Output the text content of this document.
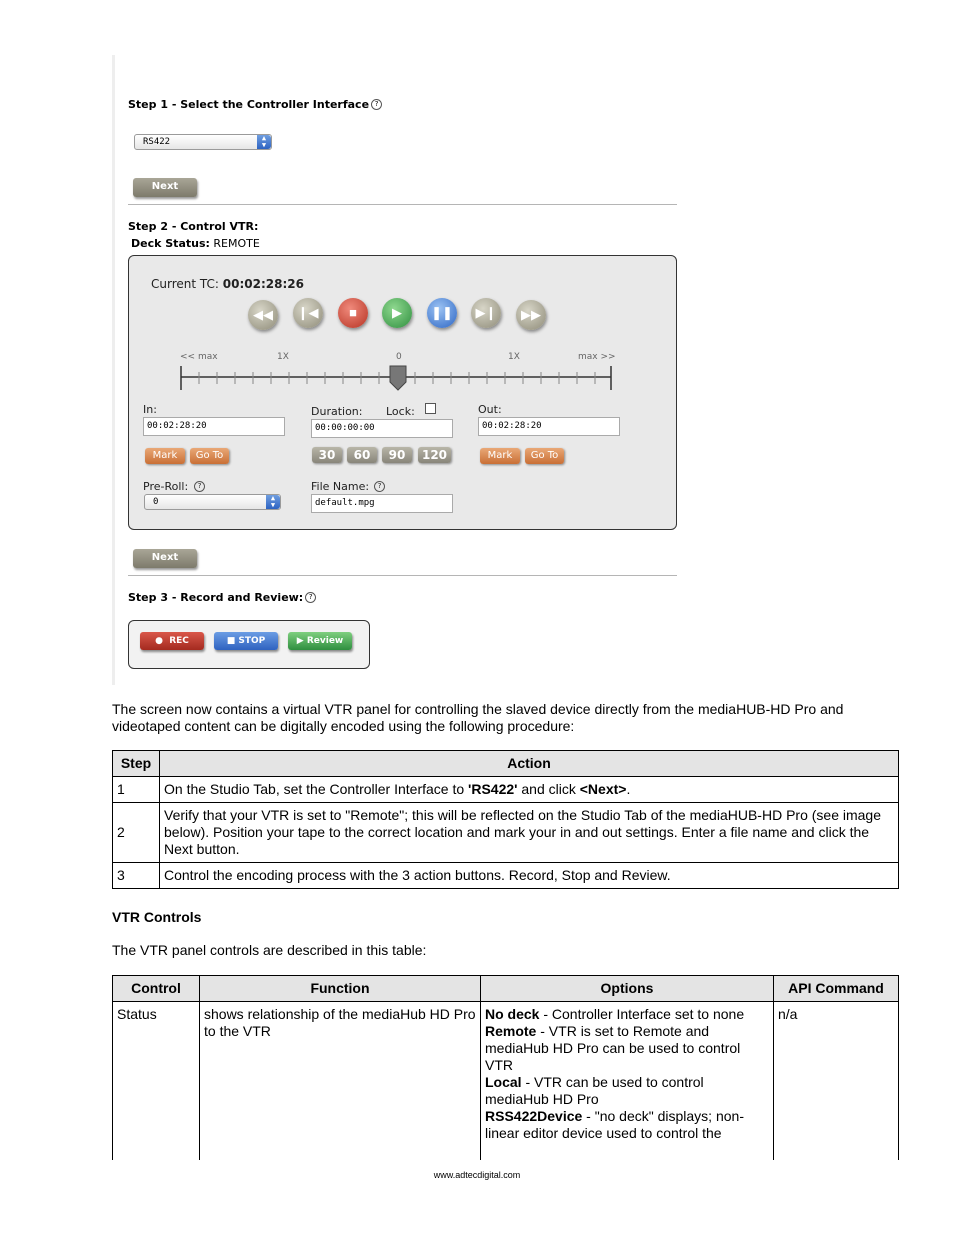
Step 1 - Select the Controller Interface ?
RS422	▲
▼
Next
Step 2 - Control VTR:
Deck Status: REMOTE
Current TC: 00:02:28:26
◀◀	❙◀	■	▶	❚❚	▶❙	▶▶
<< max	1X	0	1X	max >>
In:
00:02:28:20
Duration: Lock:
00:00:00:00
Out:
00:02:28:20
Mark	Go To	30	60	90	120	Mark	Go To
Pre-Roll: ?
0	▲
▼
File Name: ?
default.mpg
Next
Step 3 - Record and Review: ?
● REC	■ STOP	▶ Review
The screen now contains a virtual VTR panel for controlling the slaved device directly from the mediaHUB-HD Pro and videotaped content can be digitally encoded using the following procedure:
Step	Action
1	On the Studio Tab, set the Controller Interface to 'RS422' and click <Next>.
2	Verify that your VTR is set to "Remote"; this will be reflected on the Studio Tab of the mediaHUB-HD Pro (see image below). Position your tape to the correct location and mark your in and out settings. Enter a file name and click the Next button.
3	Control the encoding process with the 3 action buttons. Record, Stop and Review.
VTR Controls
The VTR panel controls are described in this table:
Control	Function	Options	API Command
Status	shows relationship of the mediaHub HD Pro to the VTR	No deck - Controller Interface set to none
Remote - VTR is set to Remote and mediaHub HD Pro can be used to control VTR
Local - VTR can be used to control mediaHub HD Pro
RSS422Device - "no deck" displays; non-linear editor device used to control the	n/a
www.adtecdigital.com
